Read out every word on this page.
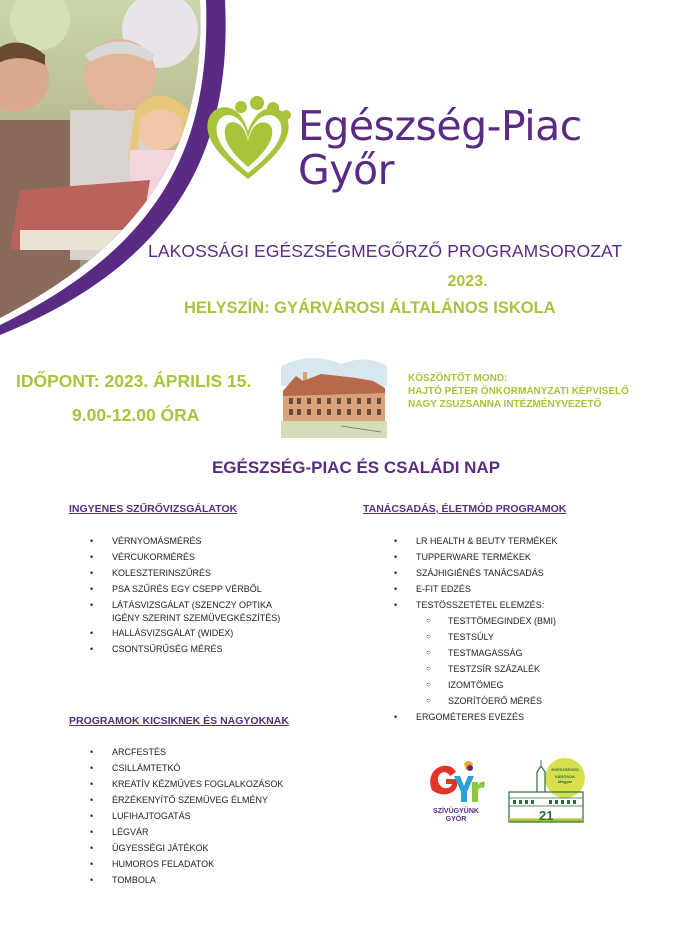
Egészség-Piac
Győr
LAKOSSÁGI EGÉSZSÉGMEGŐRZŐ PROGRAMSOROZAT
2023.
HELYSZÍN: GYÁRVÁROSI ÁLTALÁNOS ISKOLA
IDŐPONT: 2023. ÁPRILIS 15.
9.00-12.00 ÓRA
KÖSZÖNTŐT MOND:
HAJTÓ PÉTER ÖNKORMÁNYZATI KÉPVISELŐ
NAGY ZSUZSANNA INTÉZMÉNYVEZETŐ
EGÉSZSÉG-PIAC ÉS CSALÁDI NAP
INGYENES SZŰRŐVIZSGÁLATOK
• VÉRNYOMÁSMÉRÉS
• VÉRCUKORMÉRÉS
• KOLESZTERINSZŰRÉS
• PSA SZŰRÉS EGY CSEPP VÉRBŐL
• LÁTÁSVIZSGÁLAT (SZENCZY OPTIKA
IGÉNY SZERINT SZEMÜVEGKÉSZÍTÉS)
• HALLÁSVIZSGÁLAT (WIDEX)
• CSONTSŰRŰSÉG MÉRÉS
TANÁCSADÁS, ÉLETMÓD PROGRAMOK
• LR HEALTH & BEUTY TERMÉKEK
• TUPPERWARE TERMÉKEK
• SZÁJHIGIÉNÉS TANÁCSADÁS
• E-FIT EDZÉS
• TESTÖSSZETÉTEL ELEMZÉS:
○ TESTTÖMEGINDEX (BMI)
○ TESTSÚLY
○ TESTMAGASSÁG
○ TESTZSÍR SZÁZALÉK
○ IZOMTÖMEG
○ SZORÍTÓERŐ MÉRÉS
• ERGOMÉTERES EVEZÉS
PROGRAMOK KICSIKNEK ÉS NAGYOKNAK
• ARCFESTÉS
• CSILLÁMTETKÓ
• KREATÍV KÉZMŰVES FOGLALKOZÁSOK
• ÉRZÉKENYÍTŐ SZEMÜVEG ÉLMÉNY
• LUFIHAJTOGATÁS
• LÉGVÁR
• ÜGYESSÉGI JÁTÉKOK
• HUMOROS FELADATOK
• TOMBOLA
SZÍVÜGYÜNK
GYŐR
EGÉSZSÉGES
VÁROSOK
Magyar
21
